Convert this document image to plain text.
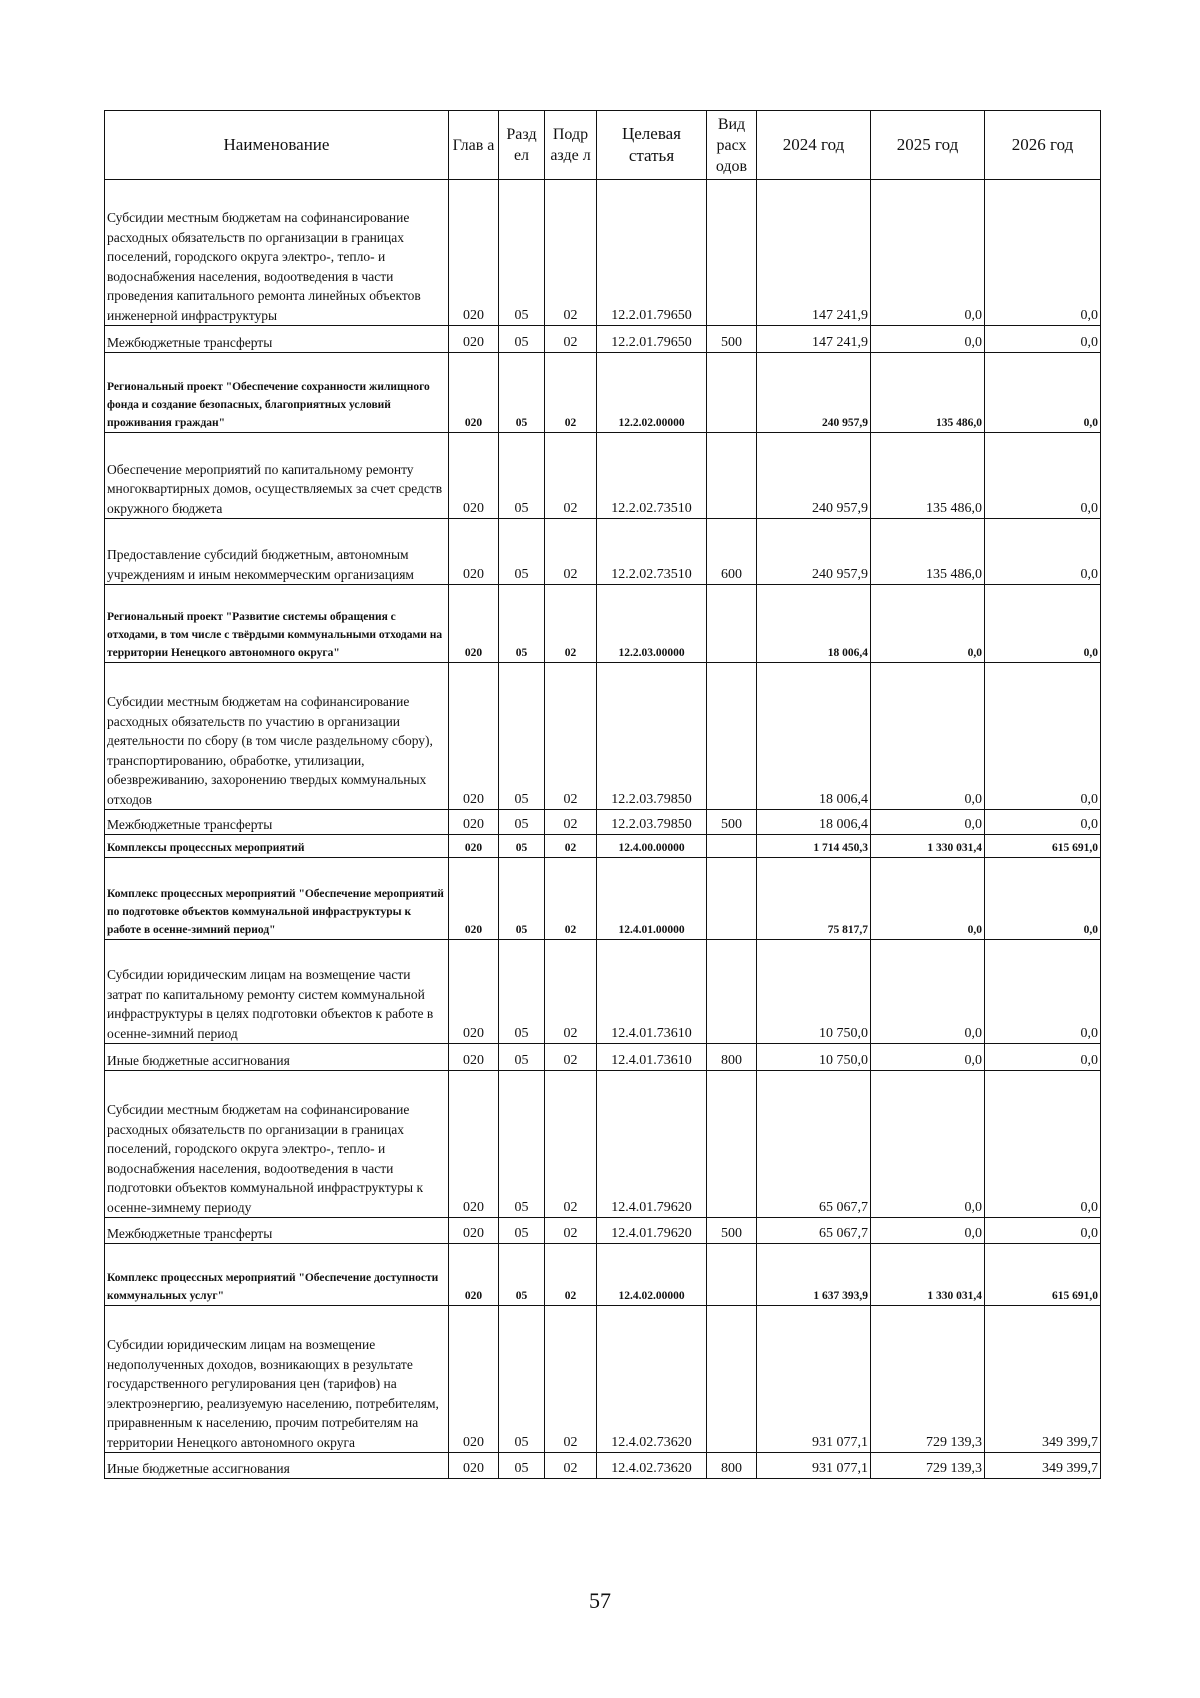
Наименование	Глав а	Разд ел	Подр азде л	Целевая статья	Вид расх одов	2024 год	2025 год	2026 год
Субсидии местным бюджетам на софинансирование расходных обязательств по организации в границах поселений, городского округа электро-, тепло- и водоснабжения населения, водоотведения в части проведения капитального ремонта линейных объектов инженерной инфраструктуры	020	05	02	12.2.01.79650		147 241,9	0,0	0,0
Межбюджетные трансферты	020	05	02	12.2.01.79650	500	147 241,9	0,0	0,0
Региональный проект "Обеспечение сохранности жилищного фонда и создание безопасных, благоприятных условий проживания граждан"	020	05	02	12.2.02.00000		240 957,9	135 486,0	0,0
Обеспечение мероприятий по капитальному ремонту многоквартирных домов, осуществляемых за счет средств окружного бюджета	020	05	02	12.2.02.73510		240 957,9	135 486,0	0,0
Предоставление субсидий бюджетным, автономным учреждениям и иным некоммерческим организациям	020	05	02	12.2.02.73510	600	240 957,9	135 486,0	0,0
Региональный проект "Развитие системы обращения с отходами, в том числе с твёрдыми коммунальными отходами на территории Ненецкого автономного округа"	020	05	02	12.2.03.00000		18 006,4	0,0	0,0
Субсидии местным бюджетам на софинансирование расходных обязательств по участию в организации деятельности по сбору (в том числе раздельному сбору), транспортированию, обработке, утилизации, обезвреживанию, захоронению твердых коммунальных отходов	020	05	02	12.2.03.79850		18 006,4	0,0	0,0
Межбюджетные трансферты	020	05	02	12.2.03.79850	500	18 006,4	0,0	0,0
Комплексы процессных мероприятий	020	05	02	12.4.00.00000		1 714 450,3	1 330 031,4	615 691,0
Комплекс процессных мероприятий "Обеспечение мероприятий по подготовке объектов коммунальной инфраструктуры к работе в осенне-зимний период"	020	05	02	12.4.01.00000		75 817,7	0,0	0,0
Субсидии юридическим лицам на возмещение части затрат по капитальному ремонту систем коммунальной инфраструктуры в целях подготовки объектов к работе в осенне-зимний период	020	05	02	12.4.01.73610		10 750,0	0,0	0,0
Иные бюджетные ассигнования	020	05	02	12.4.01.73610	800	10 750,0	0,0	0,0
Субсидии местным бюджетам на софинансирование расходных обязательств по организации в границах поселений, городского округа электро-, тепло- и водоснабжения населения, водоотведения в части подготовки объектов коммунальной инфраструктуры к осенне-зимнему периоду	020	05	02	12.4.01.79620		65 067,7	0,0	0,0
Межбюджетные трансферты	020	05	02	12.4.01.79620	500	65 067,7	0,0	0,0
Комплекс процессных мероприятий "Обеспечение доступности коммунальных услуг"	020	05	02	12.4.02.00000		1 637 393,9	1 330 031,4	615 691,0
Субсидии юридическим лицам на возмещение недополученных доходов, возникающих в результате государственного регулирования цен (тарифов) на электроэнергию, реализуемую населению, потребителям, приравненным к населению, прочим потребителям на территории Ненецкого автономного округа	020	05	02	12.4.02.73620		931 077,1	729 139,3	349 399,7
Иные бюджетные ассигнования	020	05	02	12.4.02.73620	800	931 077,1	729 139,3	349 399,7
57
